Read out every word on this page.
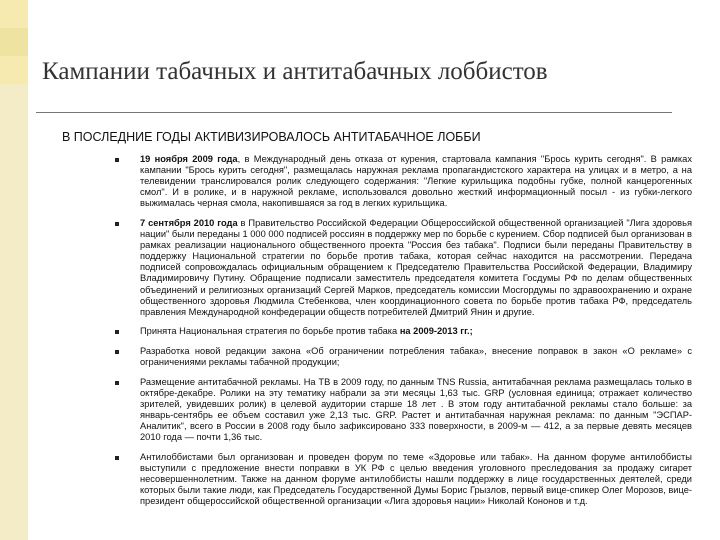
Кампании табачных и антитабачных лоббистов
В ПОСЛЕДНИЕ ГОДЫ АКТИВИЗИРОВАЛОСЬ АНТИТАБАЧНОЕ ЛОББИ
19 ноября 2009 года, в Международный день отказа от курения, стартовала кампания "Брось курить сегодня". В рамках кампании "Брось курить сегодня", размещалась наружная реклама пропагандистского характера на улицах и в метро, а на телевидении транслировался ролик следующего содержания: "Легкие курильщика подобны губке, полной канцерогенных смол". И в ролике, и в наружной рекламе, использовался довольно жесткий информационный посыл - из губки-легкого выжималась черная смола, накопившаяся за год в легких курильщика.
7 сентября 2010 года в Правительство Российской Федерации Общероссийской общественной организацией "Лига здоровья нации" были переданы 1 000 000 подписей россиян в поддержку мер по борьбе с курением. Сбор подписей был организован в рамках реализации национального общественного проекта "Россия без табака". Подписи были переданы Правительству в поддержку Национальной стратегии по борьбе против табака, которая сейчас находится на рассмотрении. Передача подписей сопровождалась официальным обращением к Председателю Правительства Российской Федерации, Владимиру Владимировичу Путину. Обращение подписали заместитель председателя комитета Госдумы РФ по делам общественных объединений и религиозных организаций Сергей Марков, председатель комиссии Мосгордумы по здравоохранению и охране общественного здоровья Людмила Стебенкова, член координационного совета по борьбе против табака РФ, председатель правления Международной конфедерации обществ потребителей Дмитрий Янин и другие.
Принята Национальная стратегия по борьбе против табака на 2009-2013 гг.;
Разработка новой редакции закона «Об ограничении потребления табака», внесение поправок в закон «О рекламе» с ограничениями рекламы табачной продукции;
Размещение антитабачной рекламы. На ТВ в 2009 году, по данным TNS Russia, антитабачная реклама размещалась только в октябре-декабре. Ролики на эту тематику набрали за эти месяцы 1,63 тыс. GRP (условная единица; отражает количество зрителей, увидевших ролик) в целевой аудитории старше 18 лет . В этом году антитабачной рекламы стало больше: за январь-сентябрь ее объем составил уже 2,13 тыс. GRP. Растет и антитабачная наружная реклама: по данным "ЭСПАР-Аналитик", всего в России в 2008 году было зафиксировано 333 поверхности, в 2009-м — 412, а за первые девять месяцев 2010 года — почти 1,36 тыс.
Антилоббистами был организован и проведен форум по теме «Здоровье или табак». На данном форуме антилоббисты выступили с предложение внести поправки в УК РФ с целью введения уголовного преследования за продажу сигарет несовершеннолетним. Также на данном форуме антилоббисты нашли поддержку в лице государственных деятелей, среди которых были такие люди, как Председатель Государственной Думы Борис Грызлов, первый вице-спикер Олег Морозов, вице-президент общероссийской общественной организации «Лига здоровья нации» Николай Кононов и т.д.
